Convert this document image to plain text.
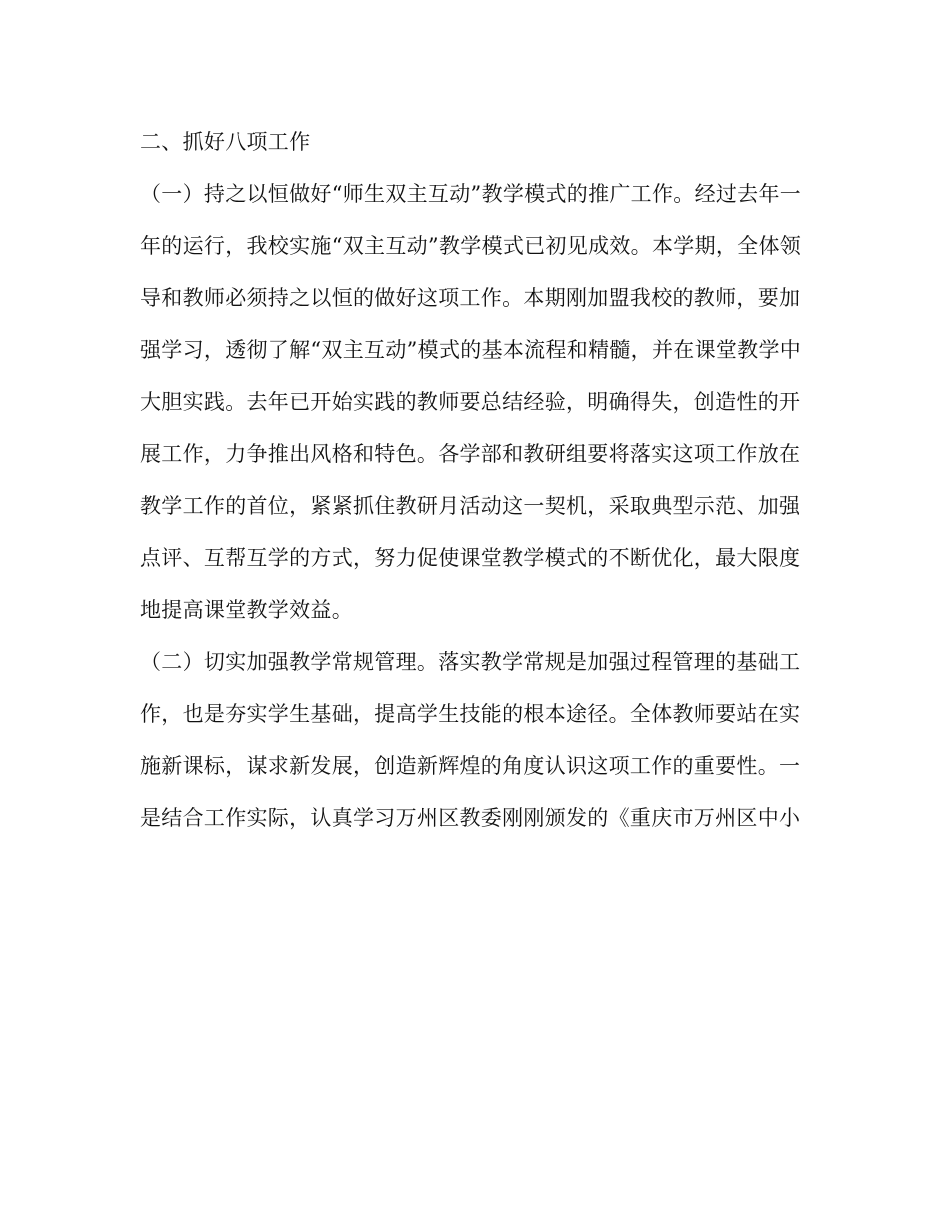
二、抓好八项工作
（一）持之以恒做好“师生双主互动”教学模式的推广工作。经过去年一
年的运行，我校实施“双主互动”教学模式已初见成效。本学期，全体领
导和教师必须持之以恒的做好这项工作。本期刚加盟我校的教师，要加
强学习，透彻了解“双主互动”模式的基本流程和精髓，并在课堂教学中
大胆实践。去年已开始实践的教师要总结经验，明确得失，创造性的开
展工作，力争推出风格和特色。各学部和教研组要将落实这项工作放在
教学工作的首位，紧紧抓住教研月活动这一契机，采取典型示范、加强
点评、互帮互学的方式，努力促使课堂教学模式的不断优化，最大限度
地提高课堂教学效益。
（二）切实加强教学常规管理。落实教学常规是加强过程管理的基础工
作，也是夯实学生基础，提高学生技能的根本途径。全体教师要站在实
施新课标，谋求新发展，创造新辉煌的角度认识这项工作的重要性。一
是结合工作实际，认真学习万州区教委刚刚颁发的《重庆市万州区中小
